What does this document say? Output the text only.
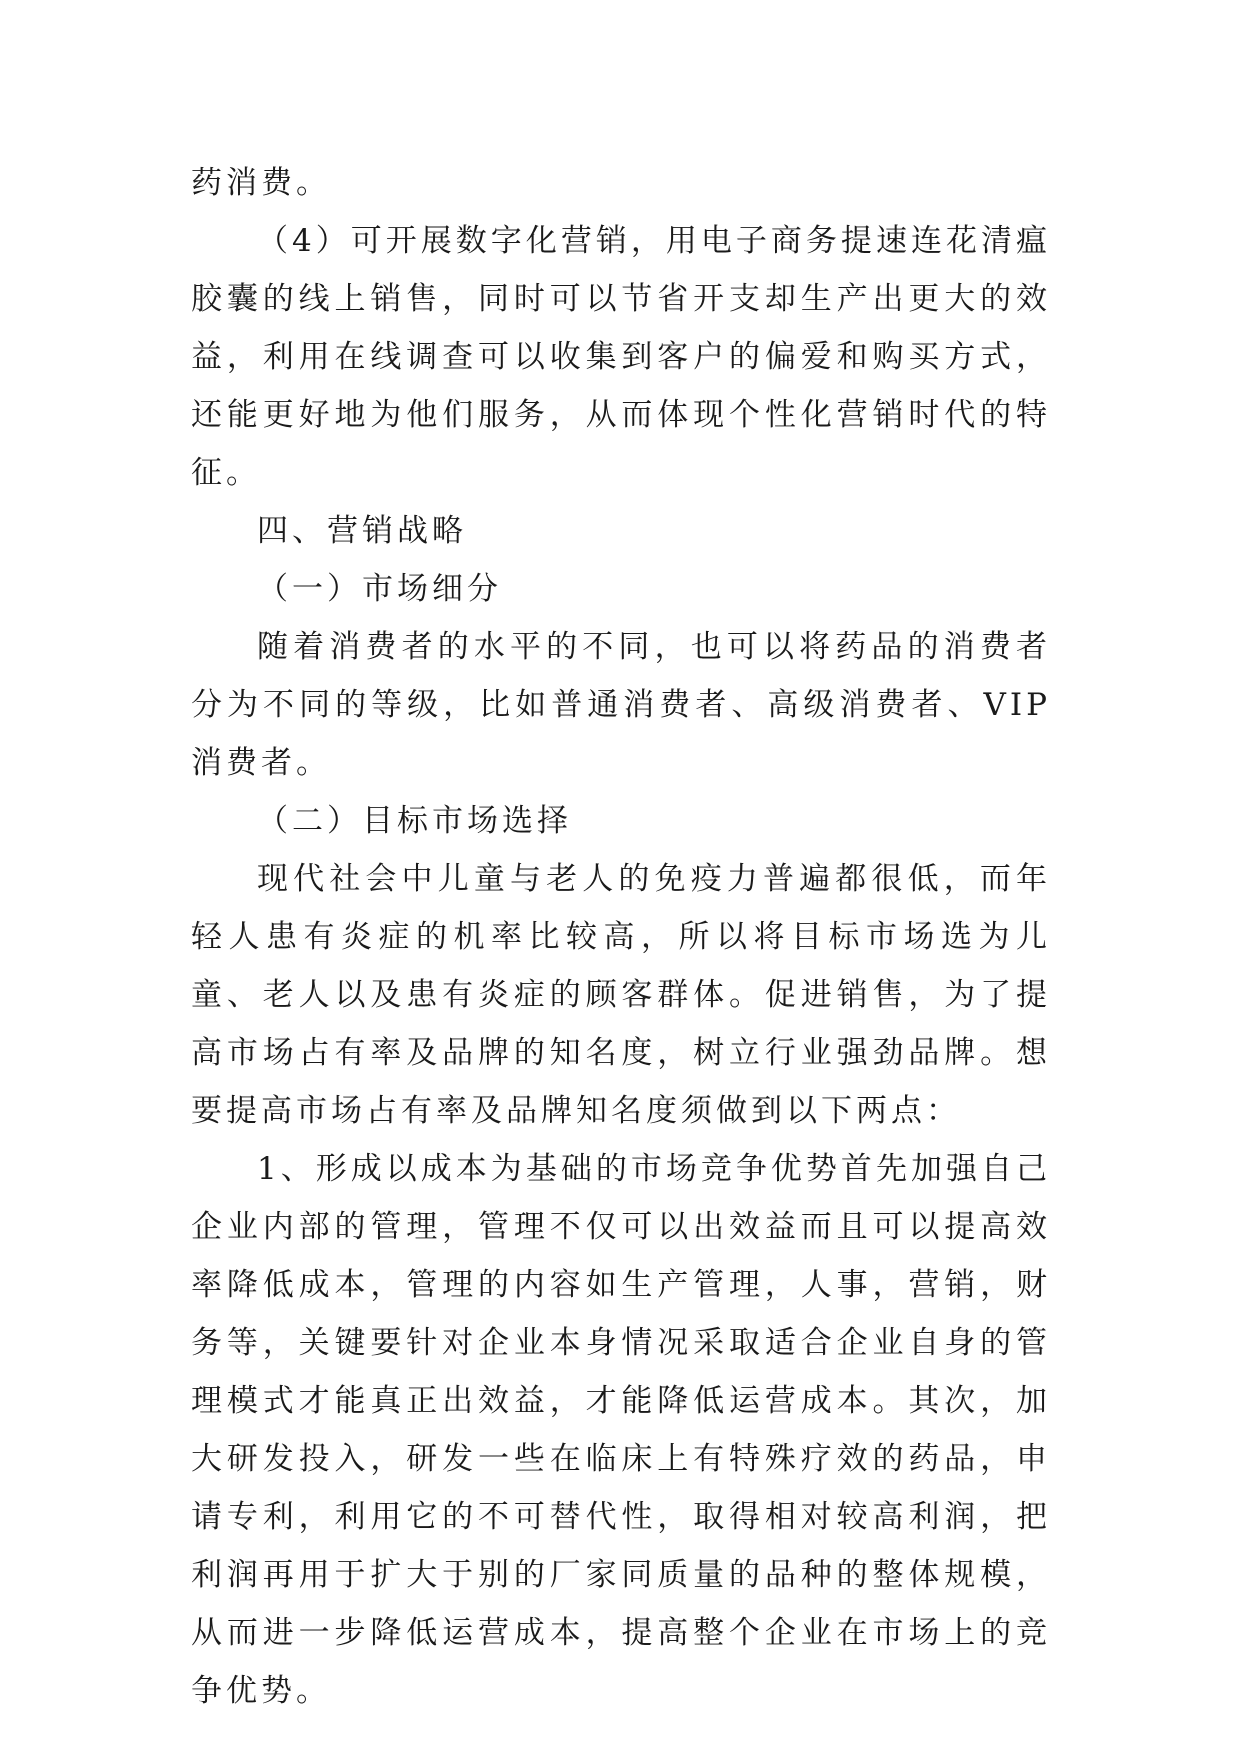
药消费。

（4）可开展数字化营销，用电子商务提速连花清瘟胶囊的线上销售，同时可以节省开支却生产出更大的效益，利用在线调查可以收集到客户的偏爱和购买方式，还能更好地为他们服务，从而体现个性化营销时代的特征。

四、营销战略

（一）市场细分

随着消费者的水平的不同，也可以将药品的消费者分为不同的等级，比如普通消费者、高级消费者、VIP 消费者。

（二）目标市场选择

现代社会中儿童与老人的免疫力普遍都很低，而年轻人患有炎症的机率比较高，所以将目标市场选为儿童、老人以及患有炎症的顾客群体。促进销售，为了提高市场占有率及品牌的知名度，树立行业强劲品牌。想要提高市场占有率及品牌知名度须做到以下两点：

1、形成以成本为基础的市场竞争优势首先加强自己企业内部的管理，管理不仅可以出效益而且可以提高效率降低成本，管理的内容如生产管理，人事，营销，财务等，关键要针对企业本身情况采取适合企业自身的管理模式才能真正出效益，才能降低运营成本。其次，加大研发投入，研发一些在临床上有特殊疗效的药品，申请专利，利用它的不可替代性，取得相对较高利润，把利润再用于扩大于别的厂家同质量的品种的整体规模，从而进一步降低运营成本，提高整个企业在市场上的竞争优势。
